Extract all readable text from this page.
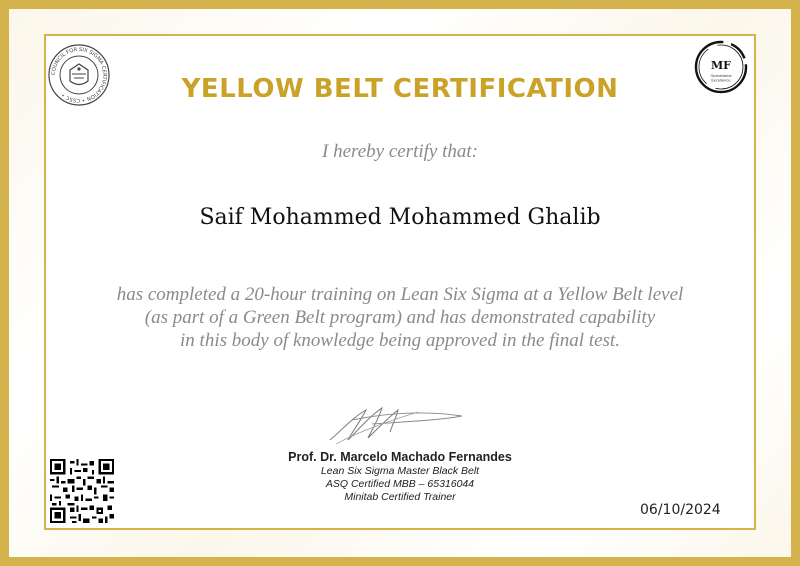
COUNCIL FOR SIX SIGMA CERTIFICATION • CSSC •
MF
Operational
Excellence
YELLOW BELT CERTIFICATION
I hereby certify that:
Saif Mohammed Mohammed Ghalib
has completed a 20-hour training on Lean Six Sigma at a Yellow Belt level
(as part of a Green Belt program) and has demonstrated capability
in this body of knowledge being approved in the final test.
Prof. Dr. Marcelo Machado Fernandes
Lean Six Sigma Master Black Belt
ASQ Certified MBB – 65316044
Minitab Certified Trainer
06/10/2024
